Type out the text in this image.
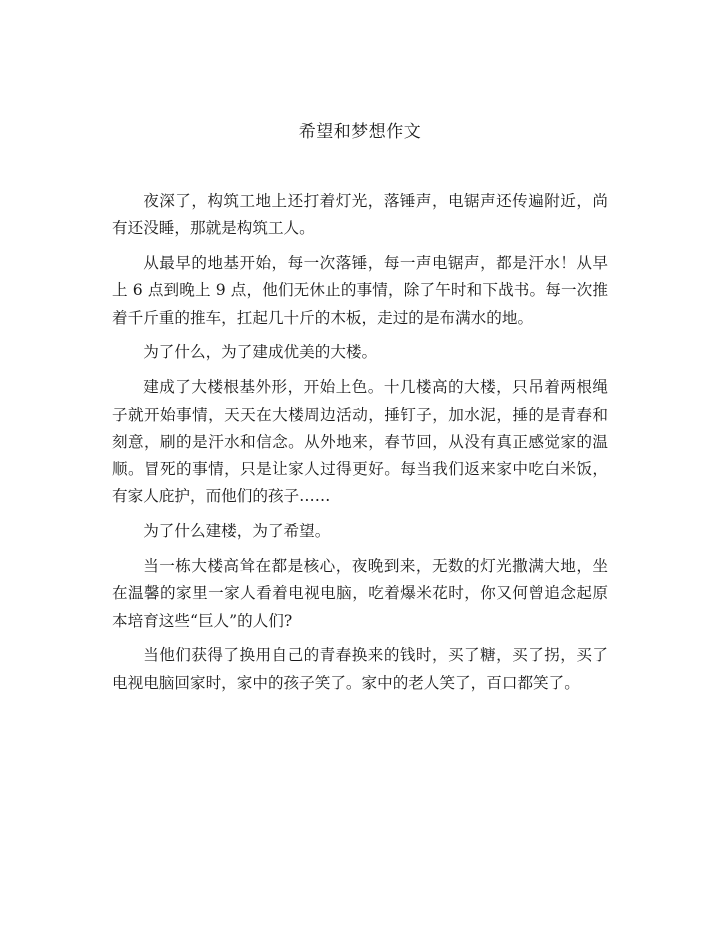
希望和梦想作文

夜深了，构筑工地上还打着灯光，落锤声，电锯声还传遍附近，尚有还没睡，那就是构筑工人。

从最早的地基开始，每一次落锤，每一声电锯声，都是汗水！从早上 6 点到晚上 9 点，他们无休止的事情，除了午时和下战书。每一次推着千斤重的推车，扛起几十斤的木板，走过的是布满水的地。

为了什么，为了建成优美的大楼。

建成了大楼根基外形，开始上色。十几楼高的大楼，只吊着两根绳子就开始事情，天天在大楼周边活动，捶钉子，加水泥，捶的是青春和刻意，刷的是汗水和信念。从外地来，春节回，从没有真正感觉家的温顺。冒死的事情，只是让家人过得更好。每当我们返来家中吃白米饭，有家人庇护，而他们的孩子……

为了什么建楼，为了希望。

当一栋大楼高耸在都是核心，夜晚到来，无数的灯光撒满大地，坐在温馨的家里一家人看着电视电脑，吃着爆米花时，你又何曾追念起原本培育这些“巨人”的人们?

当他们获得了换用自己的青春换来的钱时，买了糖，买了拐，买了电视电脑回家时，家中的孩子笑了。家中的老人笑了，百口都笑了。
